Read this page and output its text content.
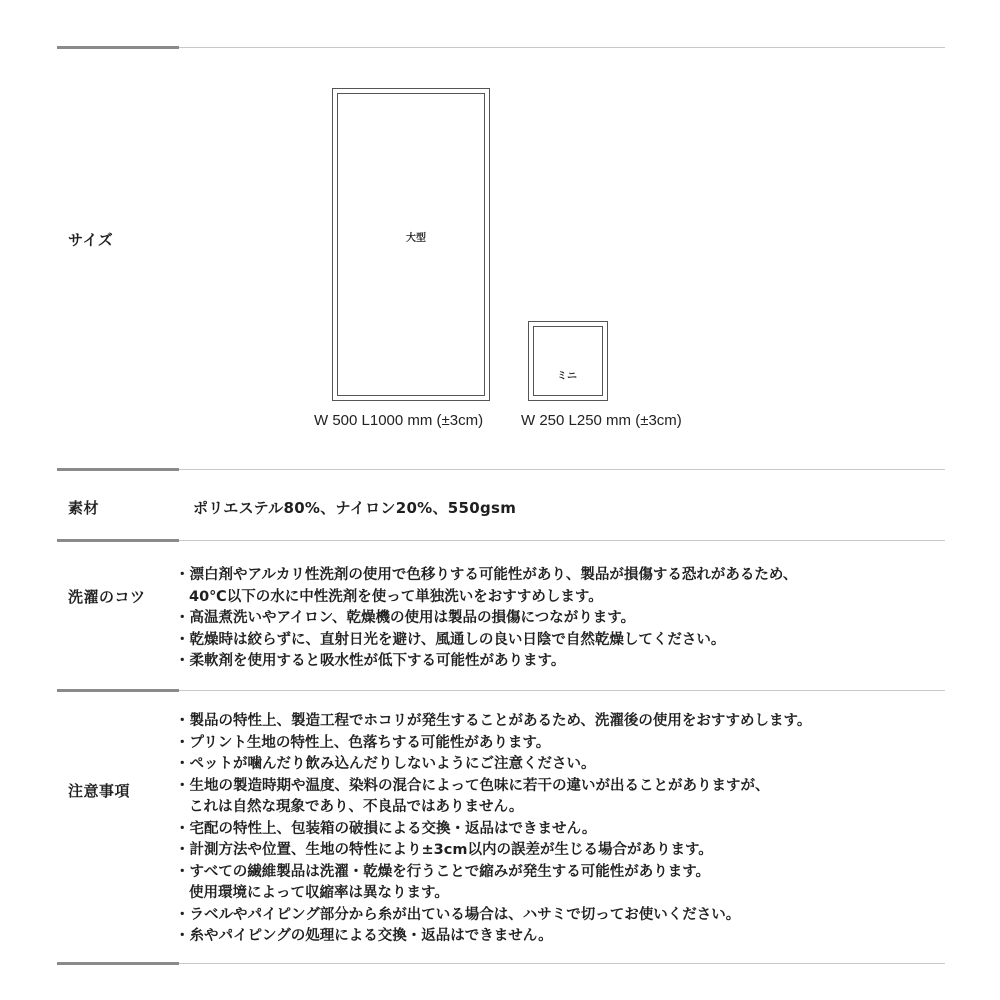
サイズ	大型
W 500 L1000 mm (±3cm)
ミニ
W 250 L250 mm (±3cm)
素材	ポリエステル80%、ナイロン20%、550gsm
洗濯のコツ
・漂白剤やアルカリ性洗剤の使用で色移りする可能性があり、製品が損傷する恐れがあるため、
40℃以下の水に中性洗剤を使って単独洗いをおすすめします。
・高温煮洗いやアイロン、乾燥機の使用は製品の損傷につながります。
・乾燥時は絞らずに、直射日光を避け、風通しの良い日陰で自然乾燥してください。
・柔軟剤を使用すると吸水性が低下する可能性があります。
注意事項
・製品の特性上、製造工程でホコリが発生することがあるため、洗濯後の使用をおすすめします。
・プリント生地の特性上、色落ちする可能性があります。
・ペットが噛んだり飲み込んだりしないようにご注意ください。
・生地の製造時期や温度、染料の混合によって色味に若干の違いが出ることがありますが、
これは自然な現象であり、不良品ではありません。
・宅配の特性上、包装箱の破損による交換・返品はできません。
・計測方法や位置、生地の特性により±3cm以内の誤差が生じる場合があります。
・すべての繊維製品は洗濯・乾燥を行うことで縮みが発生する可能性があります。
使用環境によって収縮率は異なります。
・ラベルやパイピング部分から糸が出ている場合は、ハサミで切ってお使いください。
・糸やパイピングの処理による交換・返品はできません。
